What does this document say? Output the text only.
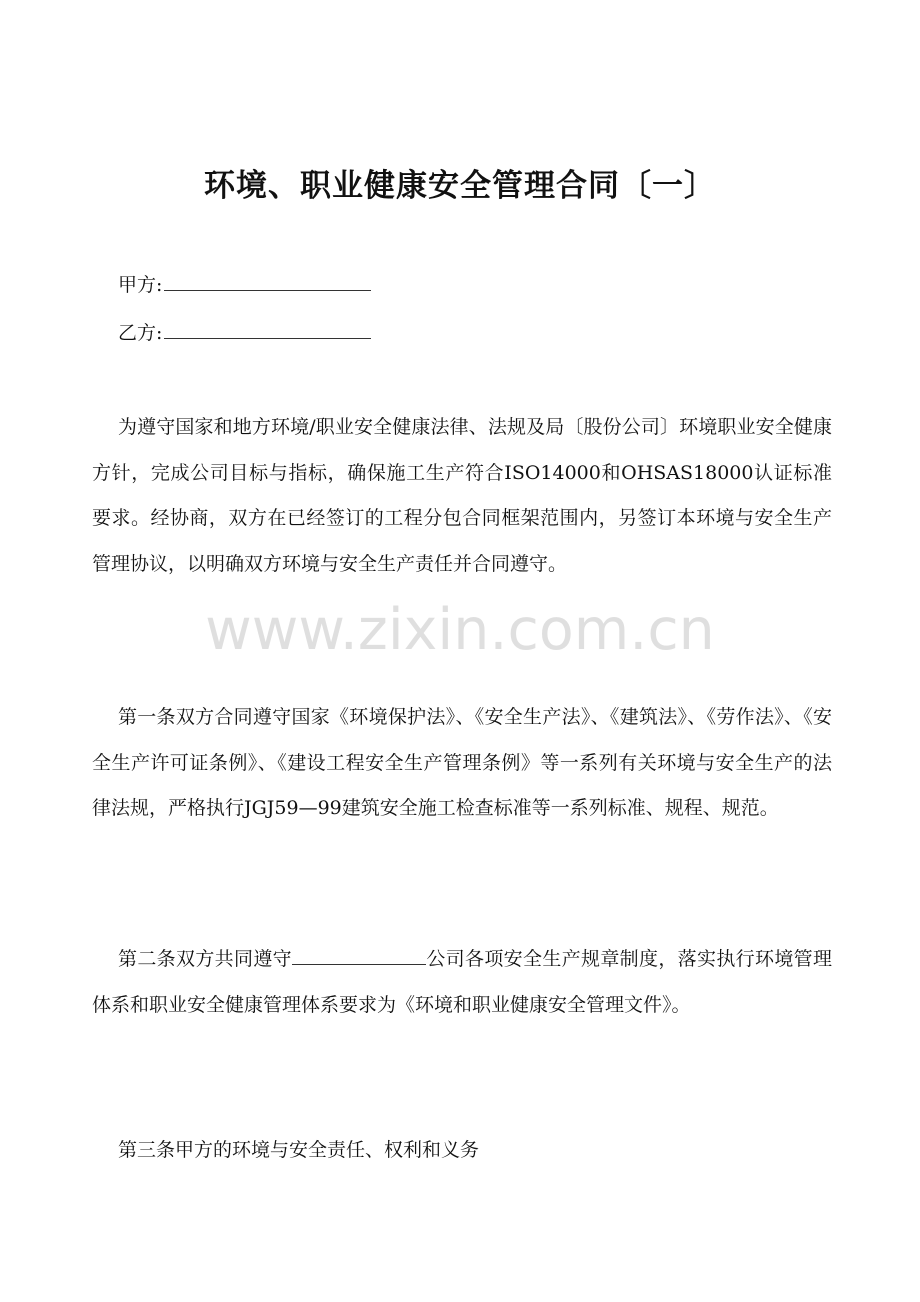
环境、职业健康安全管理合同〔一〕
甲方:
乙方:
为遵守国家和地方环境/职业安全健康法律、法规及局〔股份公司〕环境职业安全健康方针，完成公司目标与指标，确保施工生产符合ISO14000和OHSAS18000认证标准要求。经协商，双方在已经签订的工程分包合同框架范围内，另签订本环境与安全生产管理协议，以明确双方环境与安全生产责任并合同遵守。
第一条双方合同遵守国家《环境保护法》、《安全生产法》、《建筑法》、《劳作法》、《安全生产许可证条例》、《建设工程安全生产管理条例》等一系列有关环境与安全生产的法律法规，严格执行JGJ59—99建筑安全施工检查标准等一系列标准、规程、规范。
第二条双方共同遵守	公司各项安全生产规章制度，落实执行环境管理体系和职业安全健康管理体系要求为《环境和职业健康安全管理文件》。
第三条甲方的环境与安全责任、权利和义务
www.zixin.com.cn
